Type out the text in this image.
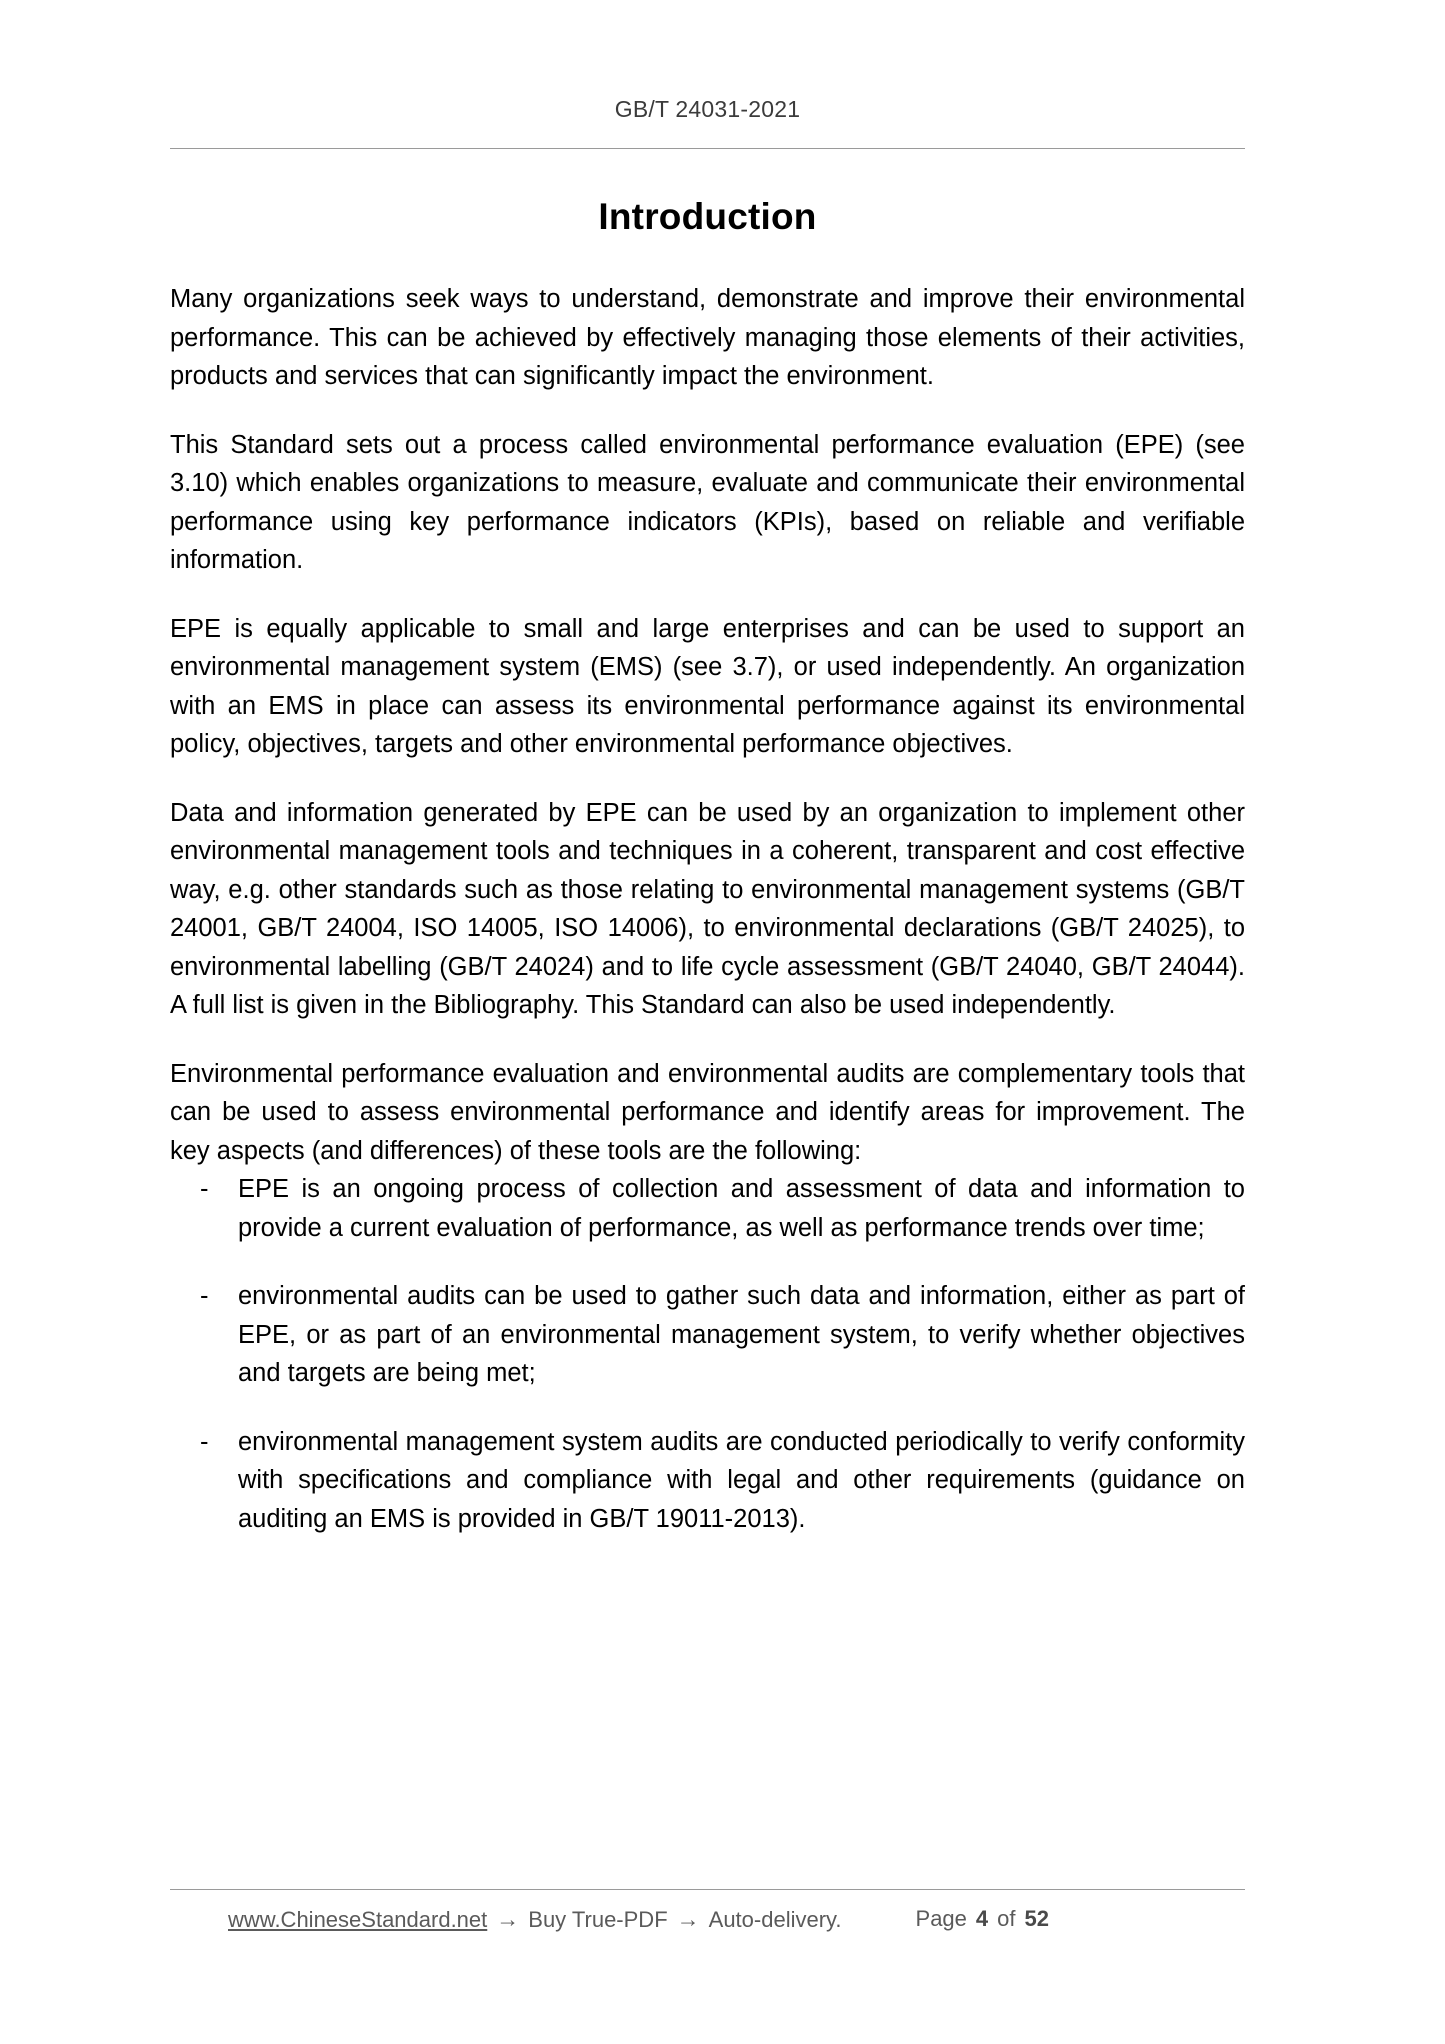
GB/T 24031-2021
Introduction

Many organizations seek ways to understand, demonstrate and improve their environmental performance. This can be achieved by effectively managing those elements of their activities, products and services that can significantly impact the environment.

This Standard sets out a process called environmental performance evaluation (EPE) (see 3.10) which enables organizations to measure, evaluate and communicate their environmental performance using key performance indicators (KPIs), based on reliable and verifiable information.

EPE is equally applicable to small and large enterprises and can be used to support an environmental management system (EMS) (see 3.7), or used independently. An organization with an EMS in place can assess its environmental performance against its environmental policy, objectives, targets and other environmental performance objectives.

Data and information generated by EPE can be used by an organization to implement other environmental management tools and techniques in a coherent, transparent and cost effective way, e.g. other standards such as those relating to environmental management systems (GB/T 24001, GB/T 24004, ISO 14005, ISO 14006), to environmental declarations (GB/T 24025), to environmental labelling (GB/T 24024) and to life cycle assessment (GB/T 24040, GB/T 24044). A full list is given in the Bibliography. This Standard can also be used independently.

Environmental performance evaluation and environmental audits are complementary tools that can be used to assess environmental performance and identify areas for improvement. The key aspects (and differences) of these tools are the following:

- EPE is an ongoing process of collection and assessment of data and information to provide a current evaluation of performance, as well as performance trends over time;
- environmental audits can be used to gather such data and information, either as part of EPE, or as part of an environmental management system, to verify whether objectives and targets are being met;
- environmental management system audits are conducted periodically to verify conformity with specifications and compliance with legal and other requirements (guidance on auditing an EMS is provided in GB/T 19011-2013).
www.ChineseStandard.net → Buy True-PDF → Auto-delivery.	Page 4 of 52
